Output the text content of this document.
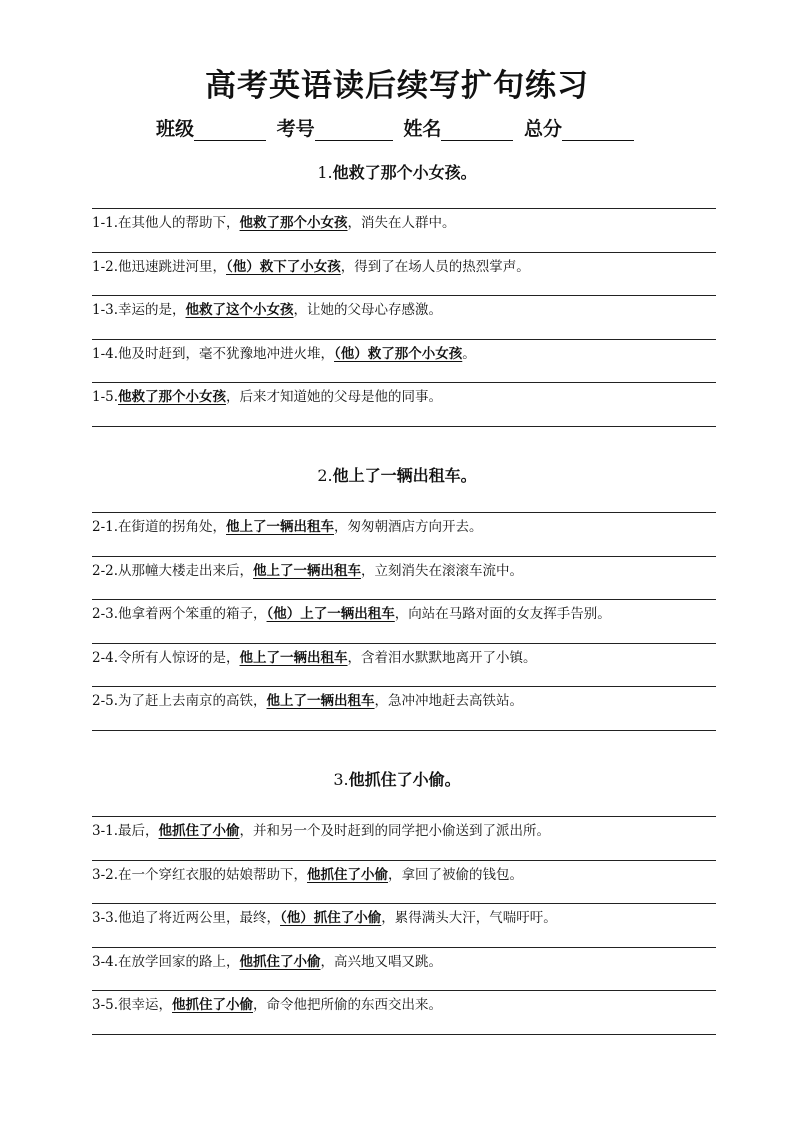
高考英语读后续写扩句练习
班级	考号	姓名	总分
1.他救了那个小女孩。
1-1.在其他人的帮助下，他救了那个小女孩，消失在人群中。
1-2.他迅速跳进河里，（他）救下了小女孩，得到了在场人员的热烈掌声。
1-3.幸运的是，他救了这个小女孩，让她的父母心存感激。
1-4.他及时赶到，毫不犹豫地冲进火堆，（他）救了那个小女孩。
1-5.他救了那个小女孩，后来才知道她的父母是他的同事。
2.他上了一辆出租车。
2-1.在街道的拐角处，他上了一辆出租车，匆匆朝酒店方向开去。
2-2.从那幢大楼走出来后，他上了一辆出租车，立刻消失在滚滚车流中。
2-3.他拿着两个笨重的箱子，（他）上了一辆出租车，向站在马路对面的女友挥手告别。
2-4.令所有人惊讶的是，他上了一辆出租车，含着泪水默默地离开了小镇。
2-5.为了赶上去南京的高铁，他上了一辆出租车，急冲冲地赶去高铁站。
3.他抓住了小偷。
3-1.最后，他抓住了小偷，并和另一个及时赶到的同学把小偷送到了派出所。
3-2.在一个穿红衣服的姑娘帮助下，他抓住了小偷，拿回了被偷的钱包。
3-3.他追了将近两公里，最终，（他）抓住了小偷，累得满头大汗，气喘吁吁。
3-4.在放学回家的路上，他抓住了小偷，高兴地又唱又跳。
3-5.很幸运，他抓住了小偷，命令他把所偷的东西交出来。
